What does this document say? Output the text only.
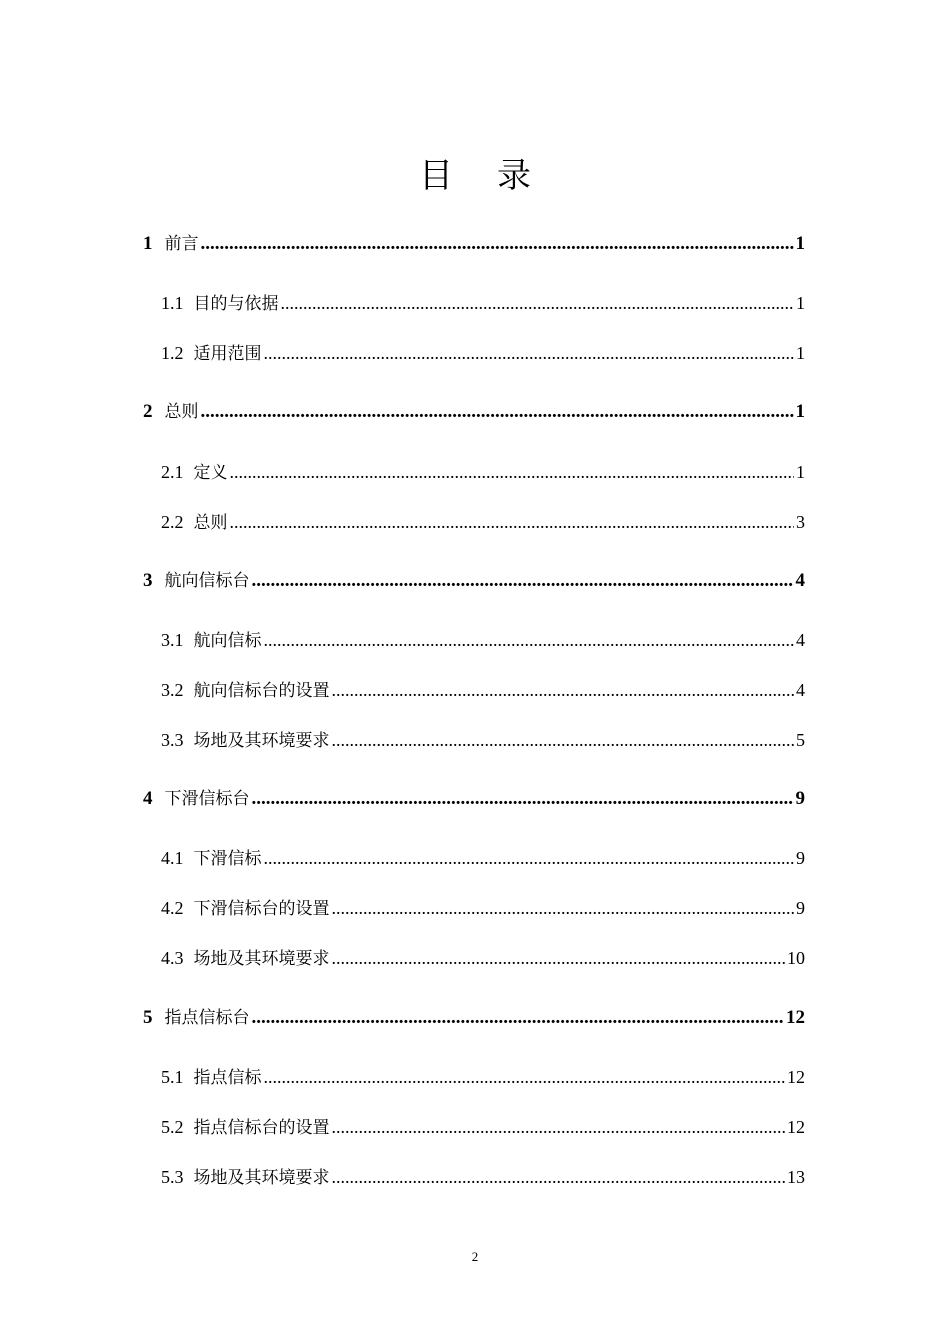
目录
1 前言 .....	1
1.1 目的与依据 .....	1
1.2 适用范围 .....	1
2 总则 .....	1
2.1 定义 .....	1
2.2 总则 .....	3
3 航向信标台 .....	4
3.1 航向信标 .....	4
3.2 航向信标台的设置 .....	4
3.3 场地及其环境要求 .....	5
4 下滑信标台 .....	9
4.1 下滑信标 .....	9
4.2 下滑信标台的设置 .....	9
4.3 场地及其环境要求 .....	10
5 指点信标台 .....	12
5.1 指点信标 .....	12
5.2 指点信标台的设置 .....	12
5.3 场地及其环境要求 .....	13
2
